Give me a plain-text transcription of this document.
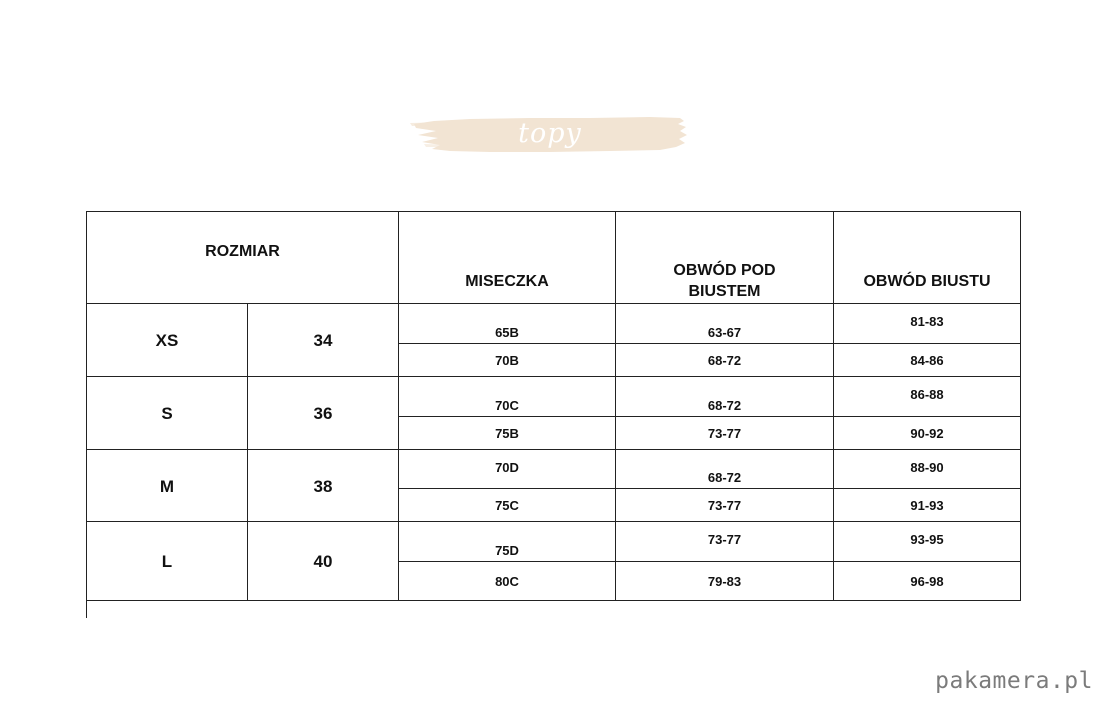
topy
ROZMIAR		MISECZKA	OBWÓD POD BIUSTEM	OBWÓD BIUSTU
XS	34	65B	63-67	81-83
		70B	68-72	84-86
S	36	70C	68-72	86-88
		75B	73-77	90-92
M	38	70D	68-72	88-90
		75C	73-77	91-93
L	40	75D	73-77	93-95
		80C	79-83	96-98
pakamera.pl
